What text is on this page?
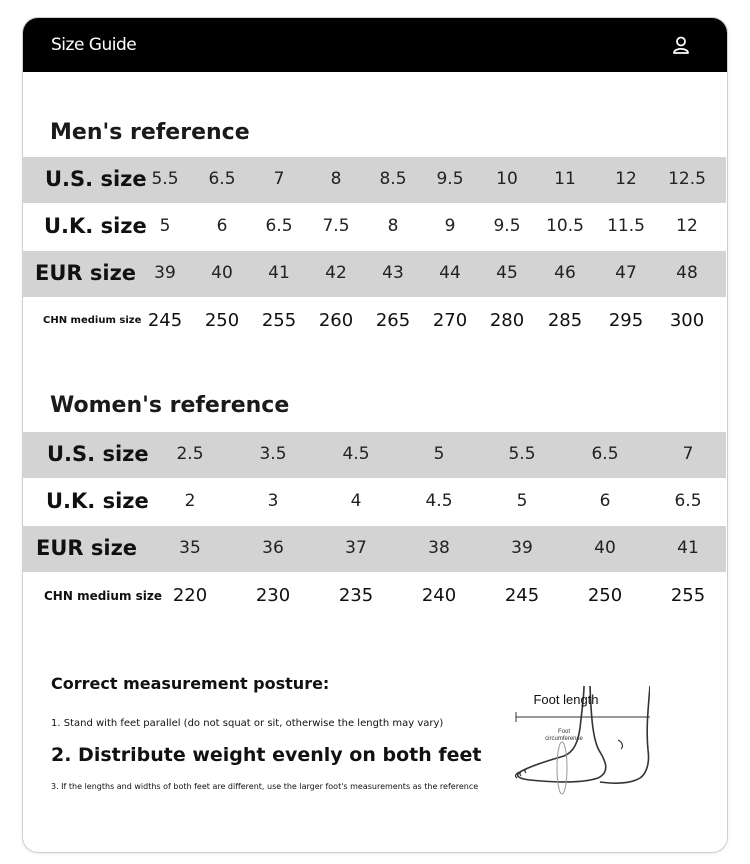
Size Guide
Men's reference
U.S. size 5.5 6.5 7	8 8.5 9.5 10 11 12 12.5
U.K. size 5	6 6.5 7.5 8	9 9.5 10.5 11.5 12
EUR size 39 40 41 42 43 44 45 46 47 48
CHN medium size 245 250 255 260 265 270 280 285 295 300
Women's reference
U.S. size 2.5	3.5	4.5	5	5.5	6.5	7
U.K. size 2	3	4	4.5	5	6	6.5
EUR size 35	36	37	38	39	40	41
CHN medium size 220	230	235	240	245	250	255
Correct measurement posture:
1. Stand with feet parallel (do not squat or sit, otherwise the length may vary)
2. Distribute weight evenly on both feet
3. If the lengths and widths of both feet are different, use the larger foot's measurements as the reference
Foot length
Foot
circumference
